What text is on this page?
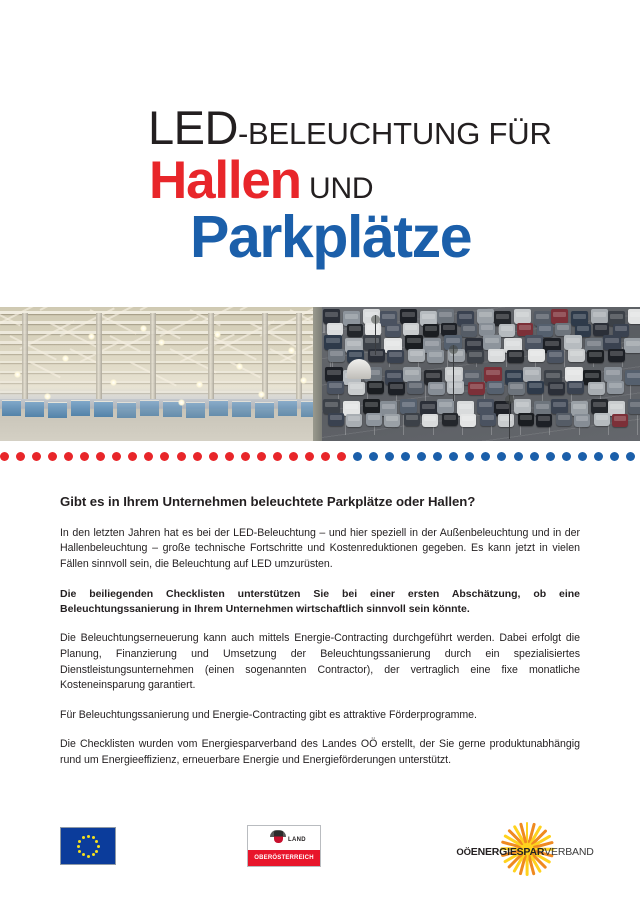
LED-BELEUCHTUNG FÜR
Hallen UND
Parkplätze
Gibt es in Ihrem Unternehmen beleuchtete Parkplätze oder Hallen?

In den letzten Jahren hat es bei der LED-Beleuchtung – und hier speziell in der Außenbeleuchtung und in der Hallenbeleuchtung – große technische Fortschritte und Kostenreduktionen gegeben. Es kann jetzt in vielen Fällen sinnvoll sein, die Beleuchtung auf LED umzurüsten.

Die beiliegenden Checklisten unterstützen Sie bei einer ersten Abschätzung, ob eine Beleuchtungssanierung in Ihrem Unternehmen wirtschaftlich sinnvoll sein könnte.

Die Beleuchtungserneuerung kann auch mittels Energie-Contracting durchgeführt werden. Dabei erfolgt die Planung, Finanzierung und Umsetzung der Beleuchtungssanierung durch ein spezialisiertes Dienstleistungsunternehmen (einen sogenannten Contractor), der vertraglich eine fixe monatliche Kosteneinsparung garantiert.

Für Beleuchtungssanierung und Energie-Contracting gibt es attraktive Förderprogramme.

Die Checklisten wurden vom Energiesparverband des Landes OÖ erstellt, der Sie gerne produktunabhängig rund um Energieeffizienz, erneuerbare Energie und Energieförderungen unterstützt.

LAND
OBERÖSTERREICH	OÖENERGIESPARVERBAND
